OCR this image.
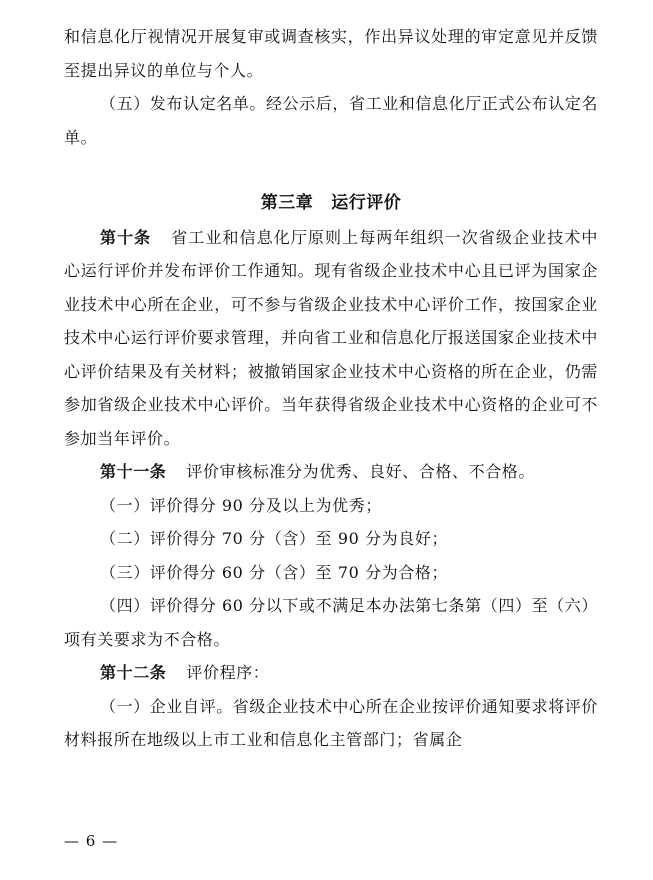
和信息化厅视情况开展复审或调查核实，作出异议处理的审定意见并反馈至提出异议的单位与个人。

（五）发布认定名单。经公示后，省工业和信息化厅正式公布认定名单。

第三章 运行评价

第十条 省工业和信息化厅原则上每两年组织一次省级企业技术中心运行评价并发布评价工作通知。现有省级企业技术中心且已评为国家企业技术中心所在企业，可不参与省级企业技术中心评价工作，按国家企业技术中心运行评价要求管理，并向省工业和信息化厅报送国家企业技术中心评价结果及有关材料；被撤销国家企业技术中心资格的所在企业，仍需参加省级企业技术中心评价。当年获得省级企业技术中心资格的企业可不参加当年评价。

第十一条 评价审核标准分为优秀、良好、合格、不合格。

（一）评价得分 90 分及以上为优秀；

（二）评价得分 70 分（含）至 90 分为良好；

（三）评价得分 60 分（含）至 70 分为合格；

（四）评价得分 60 分以下或不满足本办法第七条第（四）至（六）项有关要求为不合格。

第十二条 评价程序：

（一）企业自评。省级企业技术中心所在企业按评价通知要求将评价材料报所在地级以上市工业和信息化主管部门；省属企

— 6 —
